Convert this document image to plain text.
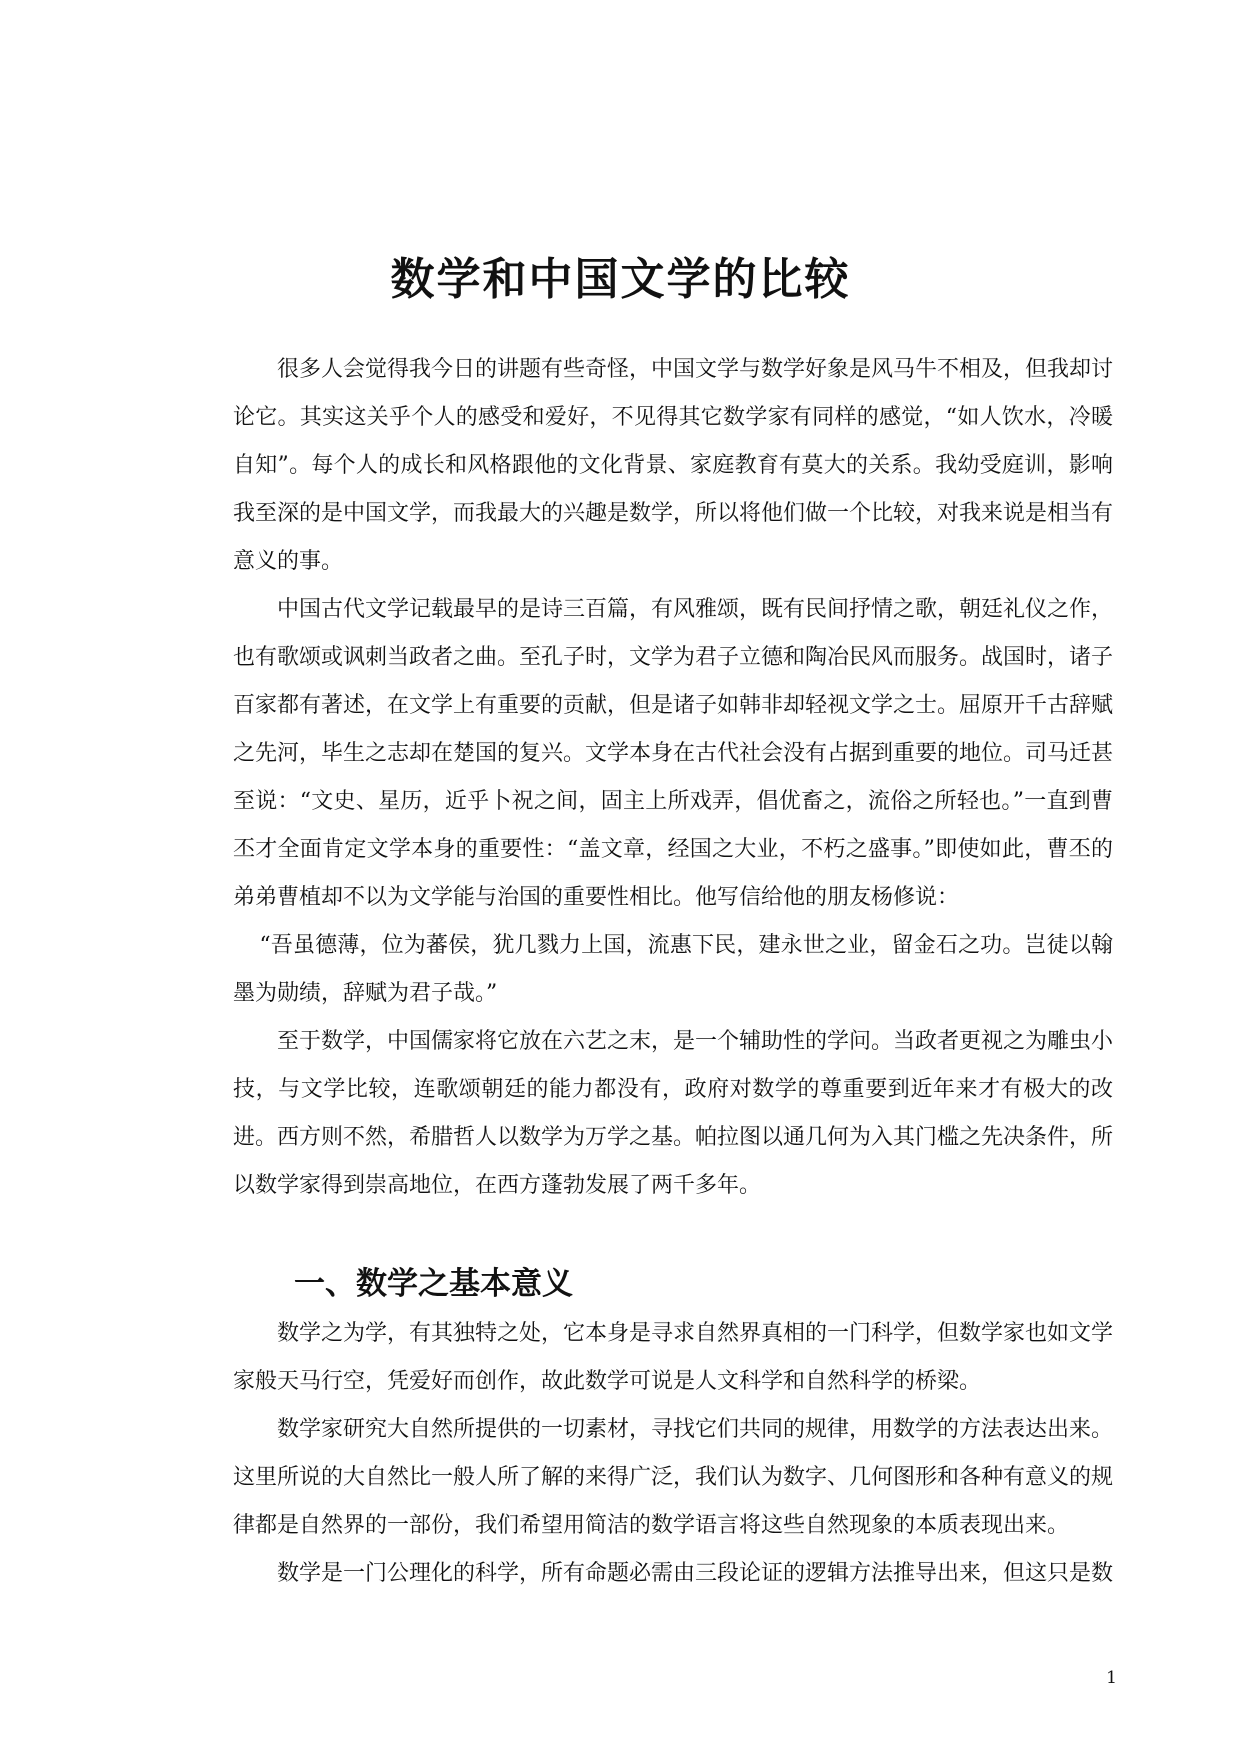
数学和中国文学的比较

很多人会觉得我今日的讲题有些奇怪，中国文学与数学好象是风马牛不相及，但我却讨论它。其实这关乎个人的感受和爱好，不见得其它数学家有同样的感觉，“如人饮水，冷暖自知”。每个人的成长和风格跟他的文化背景、家庭教育有莫大的关系。我幼受庭训，影响我至深的是中国文学，而我最大的兴趣是数学，所以将他们做一个比较，对我来说是相当有意义的事。

中国古代文学记载最早的是诗三百篇，有风雅颂，既有民间抒情之歌，朝廷礼仪之作，也有歌颂或讽刺当政者之曲。至孔子时，文学为君子立德和陶冶民风而服务。战国时，诸子百家都有著述，在文学上有重要的贡献，但是诸子如韩非却轻视文学之士。屈原开千古辞赋之先河，毕生之志却在楚国的复兴。文学本身在古代社会没有占据到重要的地位。司马迁甚至说：“文史、星历，近乎卜祝之间，固主上所戏弄，倡优畜之，流俗之所轻也。”一直到曹丕才全面肯定文学本身的重要性：“盖文章，经国之大业，不朽之盛事。”即使如此，曹丕的弟弟曹植却不以为文学能与治国的重要性相比。他写信给他的朋友杨修说：

“吾虽德薄，位为蕃侯，犹几戮力上国，流惠下民，建永世之业，留金石之功。岂徒以翰墨为勋绩，辞赋为君子哉。”

至于数学，中国儒家将它放在六艺之末，是一个辅助性的学问。当政者更视之为雕虫小技，与文学比较，连歌颂朝廷的能力都没有，政府对数学的尊重要到近年来才有极大的改进。西方则不然，希腊哲人以数学为万学之基。帕拉图以通几何为入其门槛之先决条件，所以数学家得到崇高地位，在西方蓬勃发展了两千多年。

一、数学之基本意义

数学之为学，有其独特之处，它本身是寻求自然界真相的一门科学，但数学家也如文学家般天马行空，凭爱好而创作，故此数学可说是人文科学和自然科学的桥梁。

数学家研究大自然所提供的一切素材，寻找它们共同的规律，用数学的方法表达出来。这里所说的大自然比一般人所了解的来得广泛，我们认为数字、几何图形和各种有意义的规律都是自然界的一部份，我们希望用简洁的数学语言将这些自然现象的本质表现出来。

数学是一门公理化的科学，所有命题必需由三段论证的逻辑方法推导出来，但这只是数

1
